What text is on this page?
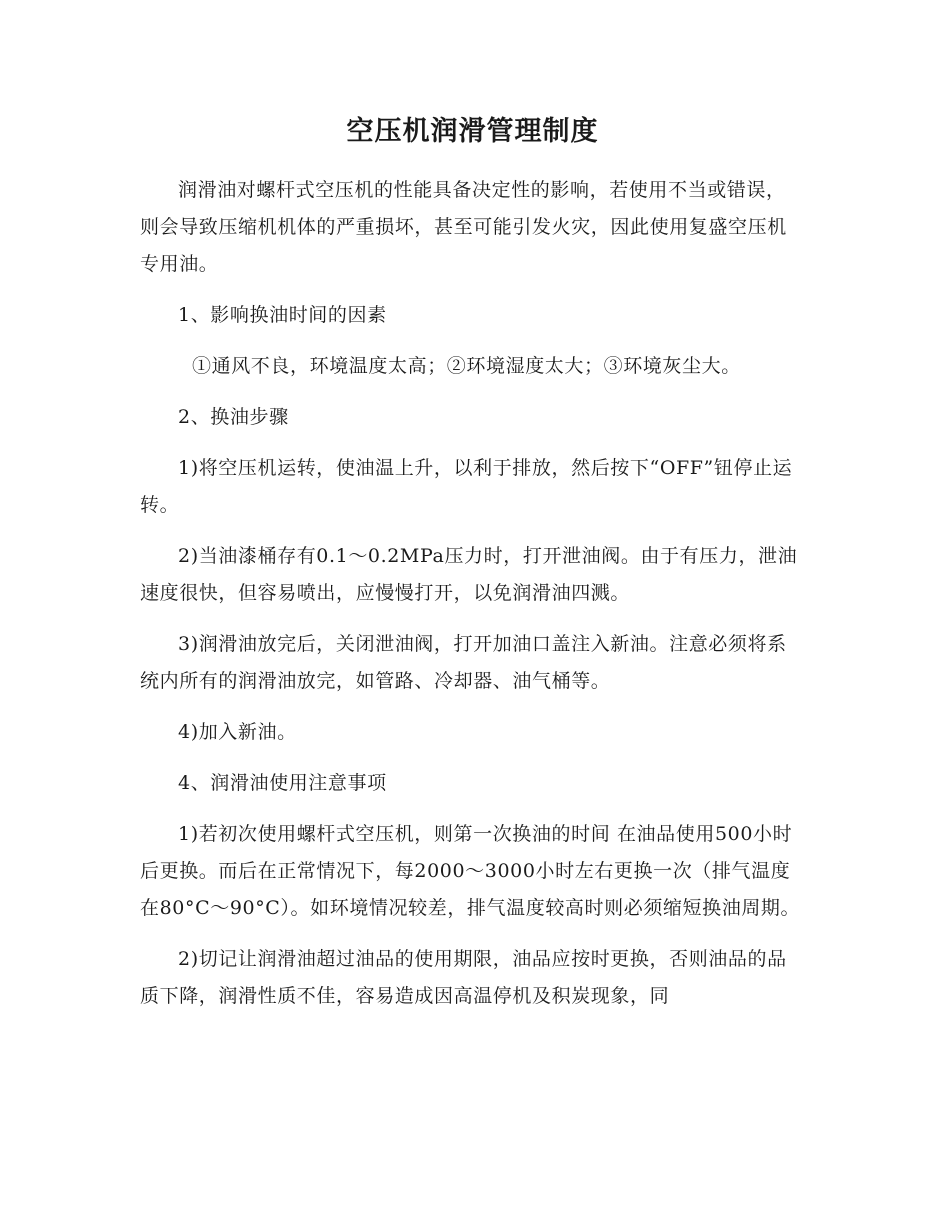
空压机润滑管理制度

润滑油对螺杆式空压机的性能具备决定性的影响，若使用不当或错误，则会导致压缩机机体的严重损坏，甚至可能引发火灾，因此使用复盛空压机专用油。

1、影响换油时间的因素

①通风不良，环境温度太高；②环境湿度太大；③环境灰尘大。

2、换油步骤

1)将空压机运转，使油温上升，以利于排放，然后按下“OFF”钮停止运转。

2)当油漆桶存有0.1～0.2MPa压力时，打开泄油阀。由于有压力，泄油速度很快，但容易喷出，应慢慢打开，以免润滑油四溅。

3)润滑油放完后，关闭泄油阀，打开加油口盖注入新油。注意必须将系统内所有的润滑油放完，如管路、冷却器、油气桶等。

4)加入新油。

4、润滑油使用注意事项

1)若初次使用螺杆式空压机，则第一次换油的时间 在油品使用500小时后更换。而后在正常情况下，每2000～3000小时左右更换一次（排气温度在80°C～90°C）。如环境情况较差，排气温度较高时则必须缩短换油周期。

2)切记让润滑油超过油品的使用期限，油品应按时更换，否则油品的品质下降，润滑性质不佳，容易造成因高温停机及积炭现象，同
